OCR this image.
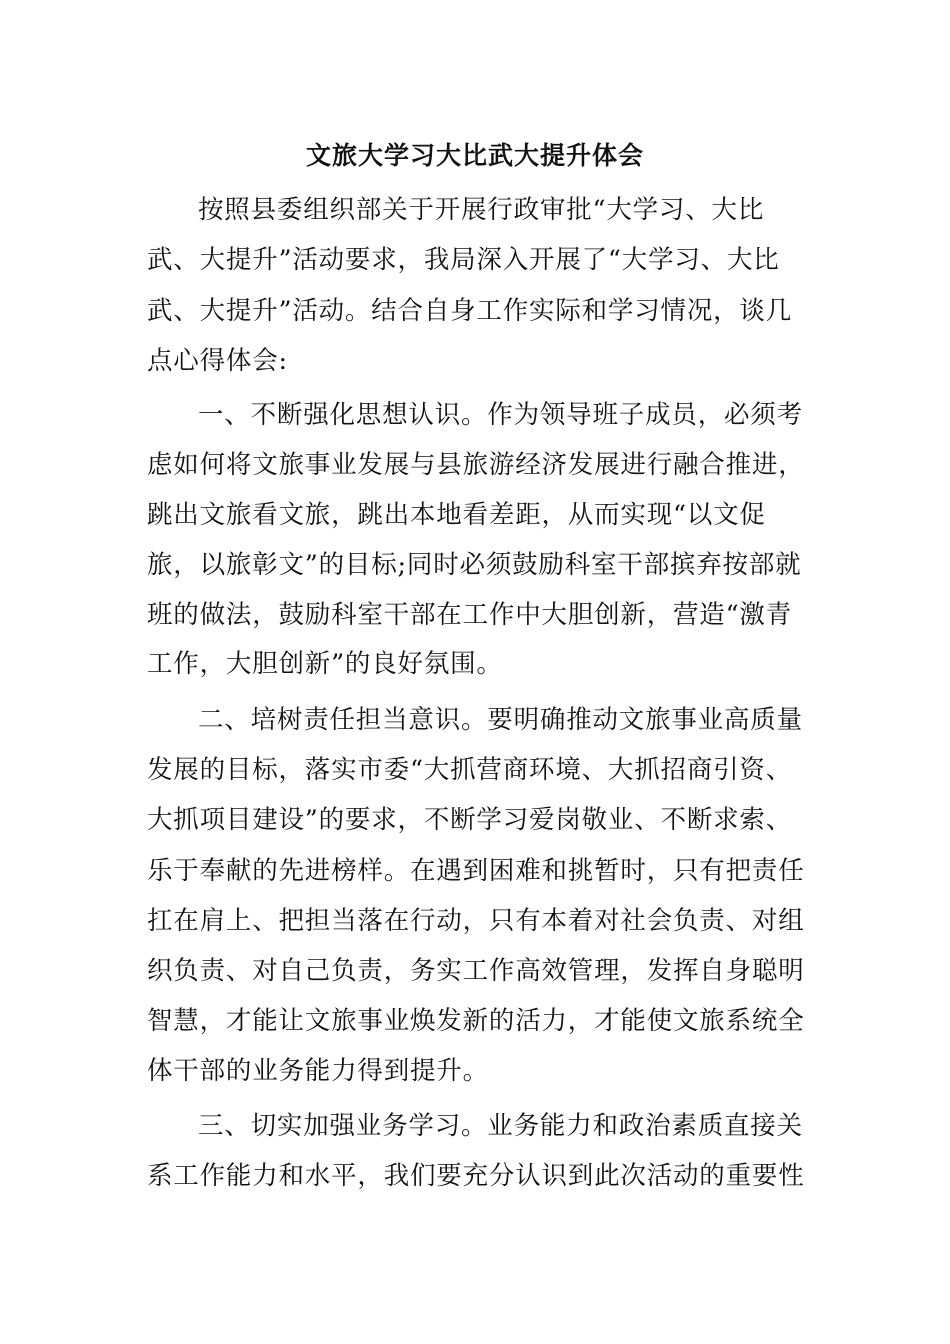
文旅大学习大比武大提升体会
按照县委组织部关于开展行政审批“大学习、大比
武、大提升”活动要求，我局深入开展了“大学习、大比
武、大提升”活动。结合自身工作实际和学习情况，谈几
点心得体会:
一、不断强化思想认识。作为领导班子成员，必须考
虑如何将文旅事业发展与县旅游经济发展进行融合推进，
跳出文旅看文旅，跳出本地看差距，从而实现“以文促
旅，以旅彰文”的目标;同时必须鼓励科室干部摈弃按部就
班的做法，鼓励科室干部在工作中大胆创新，营造“激青
工作，大胆创新”的良好氛围。
二、培树责任担当意识。要明确推动文旅事业高质量
发展的目标，落实市委“大抓营商环境、大抓招商引资、
大抓项目建设”的要求，不断学习爱岗敬业、不断求索、
乐于奉献的先进榜样。在遇到困难和挑暂时，只有把责任
扛在肩上、把担当落在行动，只有本着对社会负责、对组
织负责、对自己负责，务实工作高效管理，发挥自身聪明
智慧，才能让文旅事业焕发新的活力，才能使文旅系统全
体干部的业务能力得到提升。
三、切实加强业务学习。业务能力和政治素质直接关
系工作能力和水平，我们要充分认识到此次活动的重要性
